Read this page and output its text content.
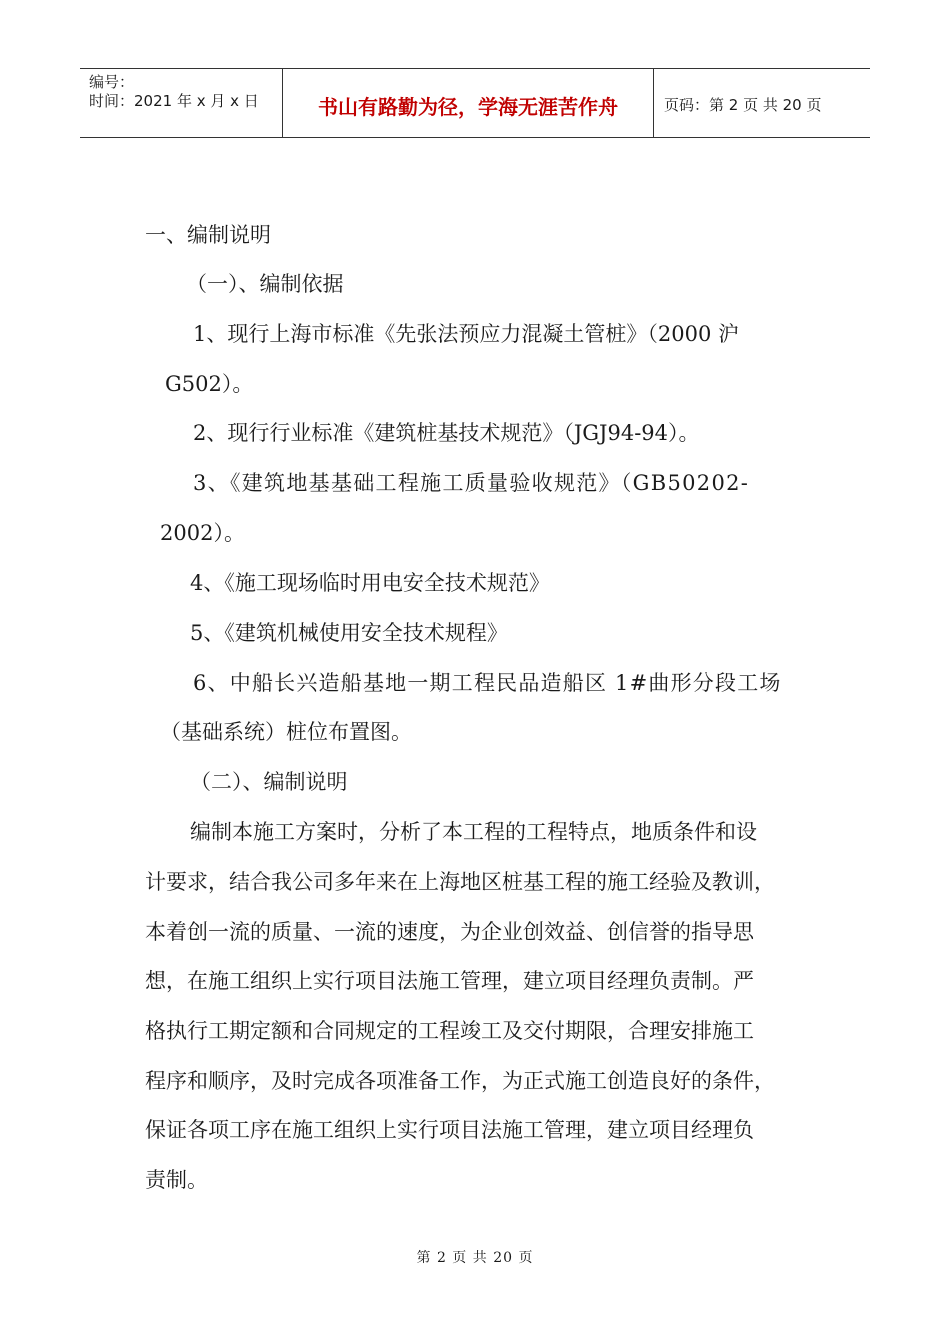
编号：
时间：2021 年 x 月 x 日	书山有路勤为径，学海无涯苦作舟	页码：第 2 页 共 20 页
一、编制说明
（一）、编制依据
1、现行上海市标准《先张法预应力混凝土管桩》（2000 沪
G502）。
2、现行行业标准《建筑桩基技术规范》（JGJ94-94）。
3、《建筑地基基础工程施工质量验收规范》（GB50202-
2002）。
4、《施工现场临时用电安全技术规范》
5、《建筑机械使用安全技术规程》
6、中船长兴造船基地一期工程民品造船区 1#曲形分段工场
（基础系统）桩位布置图。
（二）、编制说明
编制本施工方案时，分析了本工程的工程特点，地质条件和设
计要求，结合我公司多年来在上海地区桩基工程的施工经验及教训，
本着创一流的质量、一流的速度，为企业创效益、创信誉的指导思
想，在施工组织上实行项目法施工管理，建立项目经理负责制。严
格执行工期定额和合同规定的工程竣工及交付期限，合理安排施工
程序和顺序，及时完成各项准备工作，为正式施工创造良好的条件，
保证各项工序在施工组织上实行项目法施工管理，建立项目经理负
责制。
第 2 页 共 20 页
